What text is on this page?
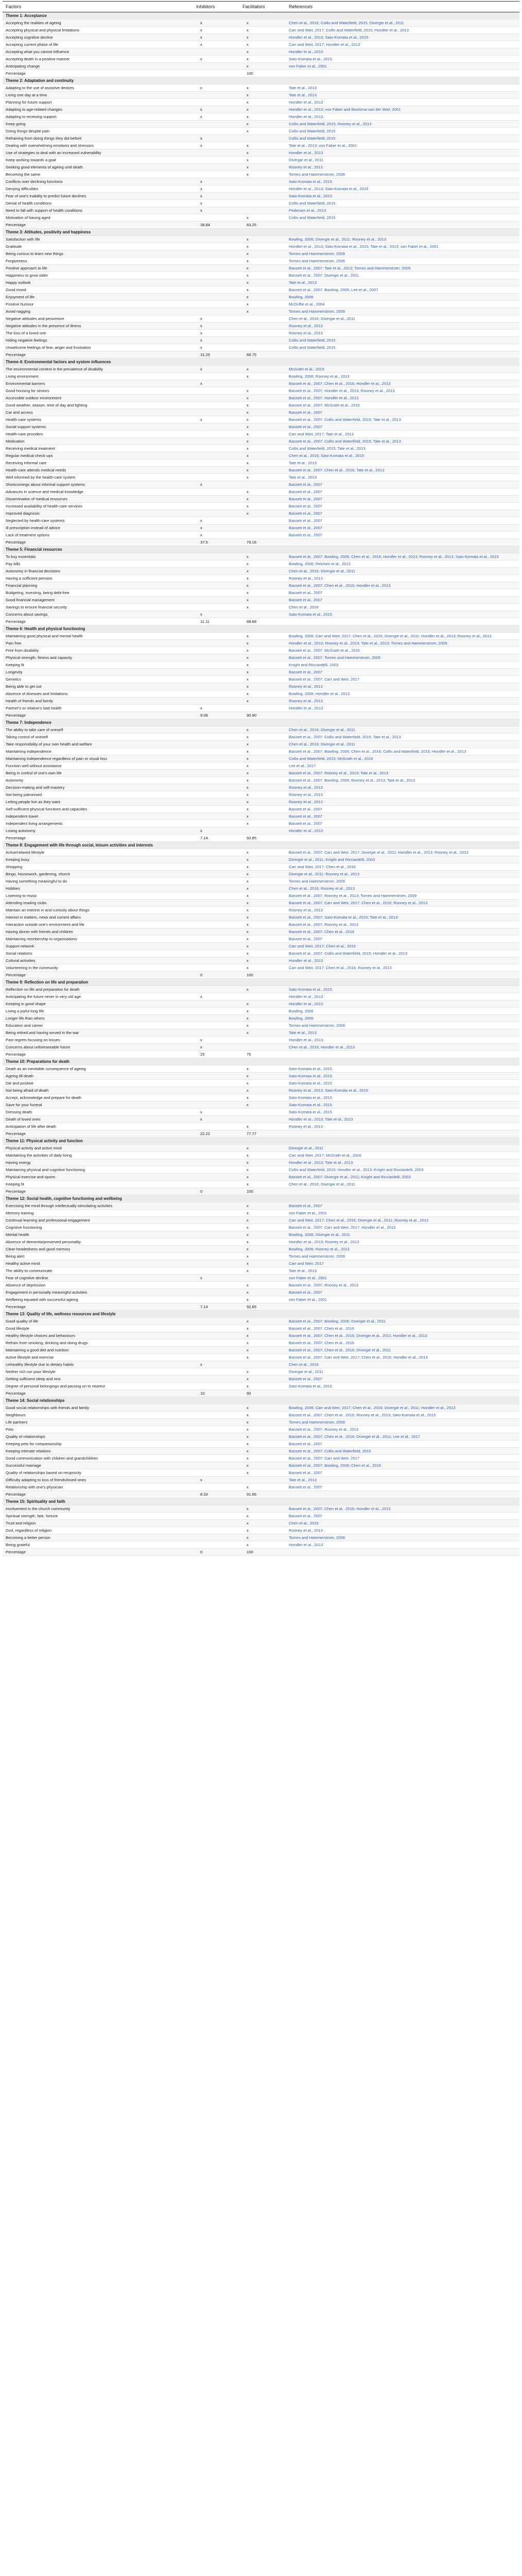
Factors	Inhibitors	Facilitators	References
Theme 1: Acceptance			
Accepting the realities of ageing	x	x	Chen et al., 2016, Collis and Waterfield, 2015, Divergie et al., 2011
Accepting physical and physical limitations	x	x	Carr and Weir, 2017; Collis and Waterfield, 2015; Hondler et al., 2013
Accepting cognitive decline	x	x	Hondler et al., 2013; Sato-Komata et al., 2015
Accepting current phase of life	x	x	Carr and Weir, 2017; Hondler et al., 2013
Accepting what you cannot influence		x	Hondler et al., 2013
Accepting death in a positive manner	x	x	Sato-Komata et al., 2015
Anticipating change		x	von Faber et al., 2001
Percentage		100	
Theme 2: Adaptation and continuity			
Adapting to the use of assistive devices	x	x	Tate et al., 2013
Living one day at a time		x	Tate et al., 2013
Planning for future support		x	Hondler et al., 2013
Adapting to age-related changes	x	x	Hondler et al., 2013; von Faber and Bootsma-van der Wiel, 2001
Adapting to receiving support	x	x	Hondler et al., 2013
Keep going		x	Collis and Waterfield, 2015; Rooney et al., 2013
Doing things despite pain		x	Collis and Waterfield, 2015
Refraining from doing things they did before	x		Collis and Waterfield, 2015
Dealing with overwhelming emotions and stressors	x	x	Tate et al., 2013; von Faber et al., 2001
Use of strategies to deal with an increased vulnerability		x	Hondler et al., 2013
Keep working towards a goal		x	Divergie et al., 2011
Seeking good elements of ageing until death		x	Rooney et al., 2013
Becoming the same		x	Tornes and Hammerstrom, 2009
Conflicts over declining functions	x		Sato-Komata et al., 2015
Denying difficulties	x		Hondler et al., 2013; Sato-Komata et al., 2015
Fear of one's inability to predict future declines	x		Sato-Komata et al., 2015
Denial of health conditions	x		Collis and Waterfield, 2015
Need to fall with support of health conditions	x		Pedersen et al., 2013
Motivation of having aged		x	Collis and Waterfield, 2015
Percentage	38.84	83.25	
Theme 3: Attitudes, positivity and happiness			
Satisfaction with life		x	Bowling, 2006; Divergie et al., 2011; Rooney et al., 2013
Gratitude		x	Hondler et al., 2013; Sato-Komata et al., 2015; Tate et al., 2013; von Faber et al., 2001
Being curious to learn new things		x	Tornes and Hammerstrom, 2009
Forgiveness		x	Tornes and Hammerstrom, 2009
Positive approach to life		x	Bassett et al., 2007; Tate et al., 2013; Tornes and Hammerstrom, 2009
Happiness to grow older		x	Bassett et al., 2007; Divergie et al., 2011
Happy outlook		x	Tate et al., 2013
Good mood		x	Bassett et al., 2007; Bowling, 2006; Lee et al., 2007
Enjoyment of life		x	Bowling, 2006
Positive humour		x	McDuffie et al., 2004
Avoid nagging		x	Tornes and Hammerstrom, 2009
Negative attitudes and pessimism	x		Chen et al., 2016; Divergie et al., 2011
Negative attitudes in the presence of illness	x		Rooney et al., 2013
The loss of a loved one	x		Rooney et al., 2013
Hiding negative feelings	x		Collis and Waterfield, 2015
Unwelcome feelings of fear, anger and frustration	x		Collis and Waterfield, 2015
Percentage	31.25	68.75	
Theme 4: Environmental factors and system influences			
The environmental context in the prevalence of disability	x	x	McGrath et al., 2015
Living environment		x	Bowling, 2006; Rooney et al., 2013
Environmental barriers	x		Bassett et al., 2007; Chen et al., 2016; Hondler et al., 2013
Good housing for seniors		x	Bassett et al., 2007; Hondler et al., 2013; Rooney et al., 2013
Accessible outdoor environment		x	Bassett et al., 2007; Hondler et al., 2013
Good weather, season, time of day and lighting		x	Bassett et al., 2007; McGrath et al., 2015
Car and access		x	Bassett et al., 2007
Health-care systems	x	x	Bassett et al., 2007; Collis and Waterfield, 2015; Tate et al., 2013
Social support systems		x	Bassett et al., 2007
Health-care providers		x	Carr and Weir, 2017; Tate et al., 2013
Medication		x	Bassett et al., 2007; Collis and Waterfield, 2015; Tate et al., 2013
Receiving medical treatment		x	Collis and Waterfield, 2015; Tate et al., 2013
Regular medical check-ups		x	Chen et al., 2016; Sato-Komata et al., 2015
Receiving informal care		x	Tate et al., 2013
Health-care attends medical needs		x	Bassett et al., 2007; Chen et al., 2016; Tate et al., 2013
Well informed by the health-care system		x	Tate et al., 2013
Shortcomings about informal support systems	x		Bassett et al., 2007
Advances in science and medical knowledge		x	Bassett et al., 2007
Dissemination of medical resources		x	Bassett et al., 2007
Increased availability of health-care services		x	Bassett et al., 2007
Improved diagnosis		x	Bassett et al., 2007
Neglected by health-care systems	x		Bassett et al., 2007
Ill prescription instead of advice	x		Bassett et al., 2007
Lack of treatment options	x		Bassett et al., 2007
Percentage	37.5	79.16	
Theme 5: Financial resources			
To buy essentials		x	Bassett et al., 2007; Bowling, 2006; Chen et al., 2016; Hondler et al., 2013; Rooney et al., 2013; Sato-Komata et al., 2015
Pay bills		x	Bowling, 2006; Reichert et al., 2013
Autonomy in financial decisions		x	Chen et al., 2016; Divergie et al., 2011
Having a sufficient pension		x	Rooney et al., 2013
Financial planning		x	Bassett et al., 2007; Chen et al., 2016; Hondler et al., 2013
Budgeting, investing, being debt-free		x	Bassett et al., 2007
Good financial management		x	Bassett et al., 2007
Savings to ensure financial security		x	Chen et al., 2016
Concerns about savings	x		Sato-Komata et al., 2015
Percentage	11.11	88.88	
Theme 6: Health and physical functioning			
Maintaining good physical and mental health		x	Bowling, 2006; Carr and Weir, 2017; Chen et al., 2016; Divergie et al., 2011; Hondler et al., 2013; Rooney et al., 2013
Pain free		x	Hondler et al., 2013; Rooney et al., 2013; Tate et al., 2013; Tornes and Hammerstrom, 2009
Free from disability		x	Bassett et al., 2007; McGrath et al., 2015
Physical strength, fitness and capacity		x	Bassett et al., 2007; Tornes and Hammerstrom, 2009
Keeping fit		x	Knight and Ricciardelli, 2003
Longevity		x	Bassett et al., 2007
Genetics		x	Bassett et al., 2007; Carr and Weir, 2017
Being able to get out		x	Rooney et al., 2013
Absence of diseases and limitations		x	Bowling, 2006; Hondler et al., 2013
Health of friends and family		x	Rooney et al., 2013
Partner's or relative's bad health	x		Hondler et al., 2013
Percentage	9.09	90.90	
Theme 7: Independence			
The ability to take care of oneself		x	Chen et al., 2016; Divergie et al., 2011
Taking control of oneself		x	Bassett et al., 2007; Collis and Waterfield, 2015; Tate et al., 2013
Take responsibility of your own health and welfare		x	Chen et al., 2016; Divergie et al., 2011
Maintaining independence		x	Bassett et al., 2007; Bowling, 2006; Chen et al., 2016; Collis and Waterfield, 2015; Hondler et al., 2013
Maintaining independence regardless of pain or visual loss		x	Collis and Waterfield, 2015; McGrath et al., 2016
Function well without assistance		x	Lee et al., 2017
Being in control of one's own life		x	Bassett et al., 2007; Rooney et al., 2013; Tate et al., 2013
Autonomy		x	Bassett et al., 2007; Bowling, 2006; Rooney et al., 2013; Tate et al., 2013
Decision-making and self-mastery		x	Rooney et al., 2013
Not being patronised		x	Rooney et al., 2013
Letting people live as they want		x	Rooney et al., 2013
Self-sufficient physical functions and capacities		x	Bassett et al., 2007
Independent travel		x	Bassett et al., 2007
Independent living arrangements		x	Bassett et al., 2007
Losing autonomy	x		Hondler et al., 2013
Percentage	7.14	92.85	
Theme 8: Engagement with life through social, leisure activities and interests			
Active/relaxed lifestyle		x	Bassett et al., 2007; Carr and Weir, 2017; Divergie et al., 2011; Hondler et al., 2013; Rooney et al., 2013
Keeping busy		x	Divergie et al., 2011; Knight and Ricciardelli, 2003
Shopping		x	Carr and Weir, 2017; Chen et al., 2016
Bingo, housework, gardening, church		x	Divergie et al., 2011; Rooney et al., 2013
Having something meaningful to do		x	Tornes and Hammerstrom, 2009
Hobbies		x	Chen et al., 2016; Rooney et al., 2013
Listening to music		x	Bassett et al., 2007; Rooney et al., 2013; Tornes and Hammerstrom, 2009
Attending reading clubs		x	Bassett et al., 2007; Carr and Weir, 2017; Chen et al., 2016; Rooney et al., 2013
Maintain an interest in and curiosity about things		x	Rooney et al., 2013
Interest in matters, news and current affairs		x	Bassett et al., 2007; Sato-Komata et al., 2015; Tate et al., 2013
Interaction outside one's environment and life		x	Bassett et al., 2007; Rooney et al., 2013
Having dinner with friends and children		x	Bassett et al., 2007; Chen et al., 2016
Maintaining membership to organisations		x	Bassett et al., 2007
Support network		x	Carr and Weir, 2017; Chen et al., 2016
Social relations		x	Bassett et al., 2007; Collis and Waterfield, 2015; Hondler et al., 2013
Cultural activities		x	Hondler et al., 2013
Volunteering in the community		x	Carr and Weir, 2017; Chen et al., 2016; Rooney et al., 2013
Percentage	0	100	
Theme 9: Reflection on life and preparation			
Reflection on life and preparation for death		x	Sato-Komata et al., 2015
Anticipating the future never in very old age	x		Hondler et al., 2013
Keeping in good shape		x	Hondler et al., 2013
Living a joyful long life		x	Bowling, 2006
Longer life than others		x	Bowling, 2006
Education and career		x	Tornes and Hammerstrom, 2009
Being retired and having served in the war		x	Tate et al., 2013
Past regrets focusing on losses	x		Hondler et al., 2013
Concerns about unforeseeable future	x		Chen et al., 2016; Hondler et al., 2013
Percentage	25	75	
Theme 10: Preparations for death			
Death as an inevitable consequence of ageing		x	Sato-Komata et al., 2015
Ageing till death		x	Sato-Komata et al., 2015
Die and positive		x	Sato-Komata et al., 2015
Not being afraid of death		x	Rooney et al., 2013; Sato-Komata et al., 2015
Accept, acknowledge and prepare for death		x	Sato-Komata et al., 2015
Save for your funeral		x	Sato-Komata et al., 2015
Dressing death	x		Sato-Komata et al., 2015
Death of loved ones	x		Hondler et al., 2013; Tate et al., 2013
Anticipation of life after death		x	Rooney et al., 2013
Percentage	22.22	77.77	
Theme 11: Physical activity and function			
Physical activity and active mind		x	Divergie et al., 2011
Maintaining the activities of daily living		x	Carr and Weir, 2017; McGrath et al., 2016
Having energy		x	Hondler et al., 2013; Tate et al., 2013
Maintaining physical and cognitive functioning		x	Collis and Waterfield, 2015; Hondler et al., 2013; Knight and Ricciardelli, 2003
Physical exercise and sports		x	Bassett et al., 2007; Divergie et al., 2011; Knight and Ricciardelli, 2003
Keeping fit		x	Chen et al., 2016; Divergie et al., 2011
Percentage	0	100	
Theme 12: Social health, cognitive functioning and wellbeing			
Exercising the mind through intellectually stimulating activities		x	Bassett et al., 2007
Memory training		x	von Faber et al., 2001
Continual learning and professional engagement		x	Carr and Weir, 2017; Chen et al., 2016; Divergie et al., 2011; Rooney et al., 2013
Cognitive functioning		x	Bassett et al., 2007; Carr and Weir, 2017; Hondler et al., 2013
Mental health		x	Bowling, 2006; Divergie et al., 2011
Absence of dementia/preserved personality		x	Hondler et al., 2013; Rooney et al., 2013
Clear-headedness and good memory		x	Bowling, 2006; Rooney et al., 2013
Being alert		x	Tornes and Hammerstrom, 2009
Healthy active mind		x	Carr and Weir, 2017
The ability to communicate		x	Tate et al., 2013
Fear of cognitive decline	x		von Faber et al., 2001
Absence of depression		x	Bassett et al., 2007; Rooney et al., 2013
Engagement in personally meaningful activities		x	Bassett et al., 2007
Wellbeing equated with successful ageing		x	von Faber et al., 2001
Percentage	7.14	92.85	
Theme 13: Quality of life, wellness resources and lifestyle			
Good quality of life		x	Bassett et al., 2007; Bowling, 2006; Divergie et al., 2011
Good lifestyle		x	Bassett et al., 2007; Chen et al., 2016
Healthy lifestyle choices and behaviours		x	Bassett et al., 2007; Chen et al., 2016; Divergie et al., 2011; Hondler et al., 2013
Refrain from smoking, drinking and doing drugs		x	Bassett et al., 2007; Chen et al., 2016
Maintaining a good diet and nutrition		x	Bassett et al., 2007; Chen et al., 2016; Divergie et al., 2011
Active lifestyle and exercise		x	Bassett et al., 2007; Carr and Weir, 2017; Chen et al., 2016; Hondler et al., 2013
Unhealthy lifestyle due to dietary habits	x		Chen et al., 2016
Neither rich nor poor lifestyle		x	Divergie et al., 2011
Getting sufficient sleep and rest		x	Bassett et al., 2007
Degree of personal belongings and passing on to nearest		x	Sato-Komata et al., 2015
Percentage	10	90	
Theme 14: Social relationships			
Good social relationships with friends and family		x	Bowling, 2006; Carr and Weir, 2017; Chen et al., 2016; Divergie et al., 2011; Hondler et al., 2013
Neighbours		x	Bassett et al., 2007; Chen et al., 2016; Rooney et al., 2013; Sato-Komata et al., 2015
Life partners		x	Tornes and Hammerstrom, 2009
Pets		x	Bassett et al., 2007; Rooney et al., 2013
Quality of relationships		x	Bassett et al., 2007; Chen et al., 2016; Divergie et al., 2011; Lee et al., 2017
Keeping pets for companionship		x	Bassett et al., 2007
Keeping intimate relations		x	Bassett et al., 2007; Collis and Waterfield, 2015
Good communication with children and grandchildren		x	Bassett et al., 2007; Carr and Weir, 2017
Successful marriage		x	Bassett et al., 2007; Bowling, 2006; Chen et al., 2016
Quality of relationships based on reciprocity		x	Bassett et al., 2007
Difficulty adapting to loss of friends/loved ones	x		Tate et al., 2013
Relationship with one's physician		x	Bassett et al., 2007
Percentage	8.33	91.66	
Theme 15: Spirituality and faith			
Involvement in the church community		x	Bassett et al., 2007; Chen et al., 2016; Hondler et al., 2013
Spiritual strength, fate, fortune		x	Bassett et al., 2007
Trust and religion		x	Chen et al., 2016
God, regardless of religion		x	Rooney et al., 2013
Becoming a better person		x	Tornes and Hammerstrom, 2009
Being grateful		x	Hondler et al., 2013
Percentage	0	100	
